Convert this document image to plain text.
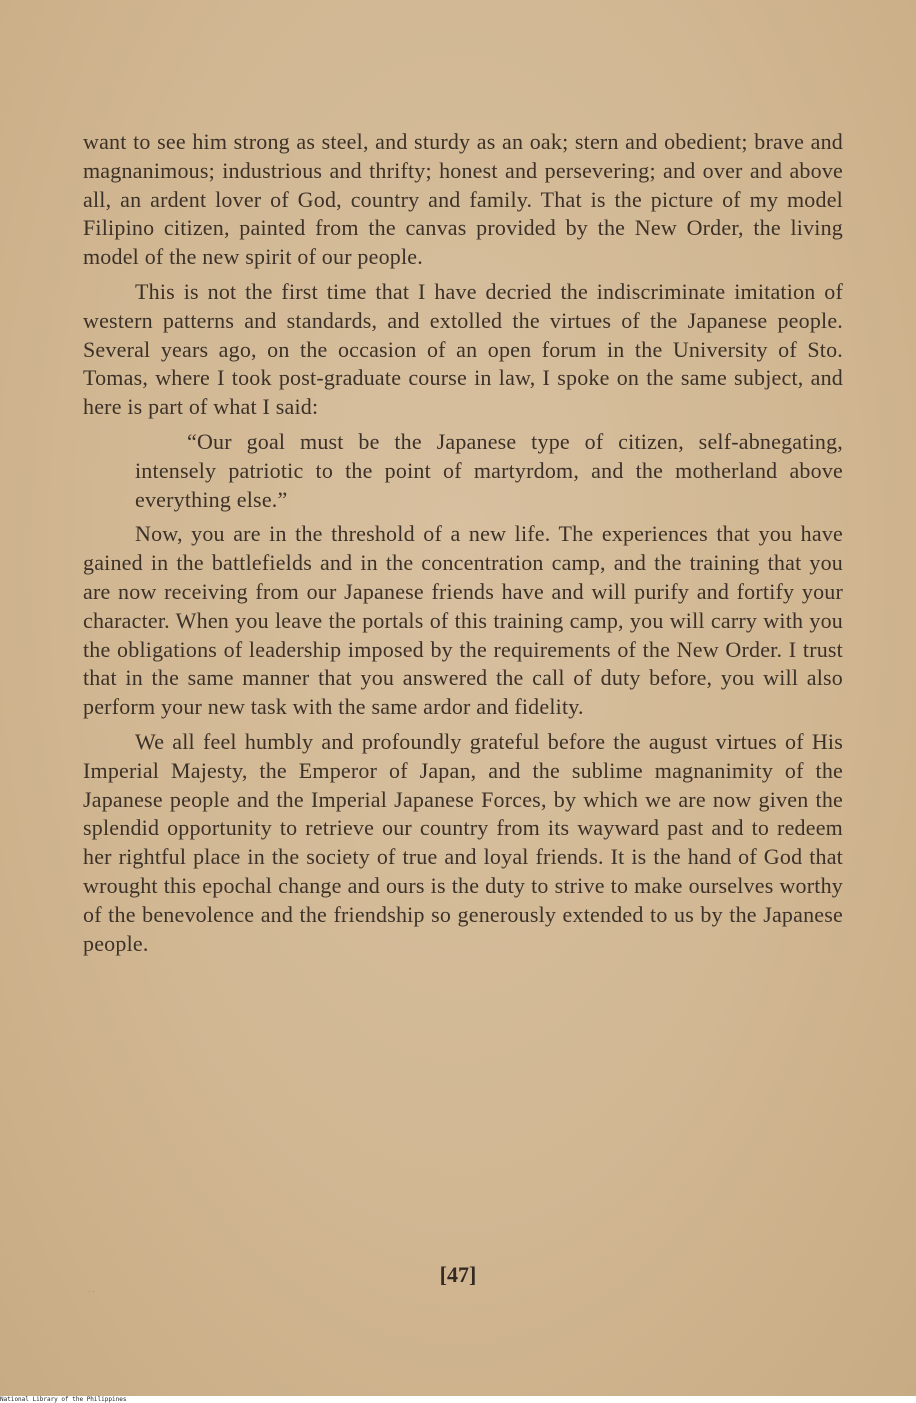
want to see him strong as steel, and sturdy as an oak; stern and obedient; brave and magnanimous; industrious and thrifty; honest and persevering; and over and above all, an ardent lover of God, country and family. That is the picture of my model Filipino citizen, painted from the canvas provided by the New Order, the living model of the new spirit of our people.

This is not the first time that I have decried the indiscriminate imitation of western patterns and standards, and extolled the virtues of the Japanese people. Several years ago, on the occasion of an open forum in the University of Sto. Tomas, where I took post-graduate course in law, I spoke on the same subject, and here is part of what I said:

“Our goal must be the Japanese type of citizen, self-abnegating, intensely patriotic to the point of martyrdom, and the motherland above everything else.”

Now, you are in the threshold of a new life. The experiences that you have gained in the battlefields and in the concentration camp, and the training that you are now receiving from our Japanese friends have and will purify and fortify your character. When you leave the portals of this training camp, you will carry with you the obligations of leadership imposed by the requirements of the New Order. I trust that in the same manner that you answered the call of duty before, you will also perform your new task with the same ardor and fidelity.

We all feel humbly and profoundly grateful before the august virtues of His Imperial Majesty, the Emperor of Japan, and the sublime magnanimity of the Japanese people and the Imperial Japanese Forces, by which we are now given the splendid opportunity to retrieve our country from its wayward past and to redeem her rightful place in the society of true and loyal friends. It is the hand of God that wrought this epochal change and ours is the duty to strive to make ourselves worthy of the benevolence and the friendship so generously extended to us by the Japanese people.

- -
[47]
National Library of the Philippines
